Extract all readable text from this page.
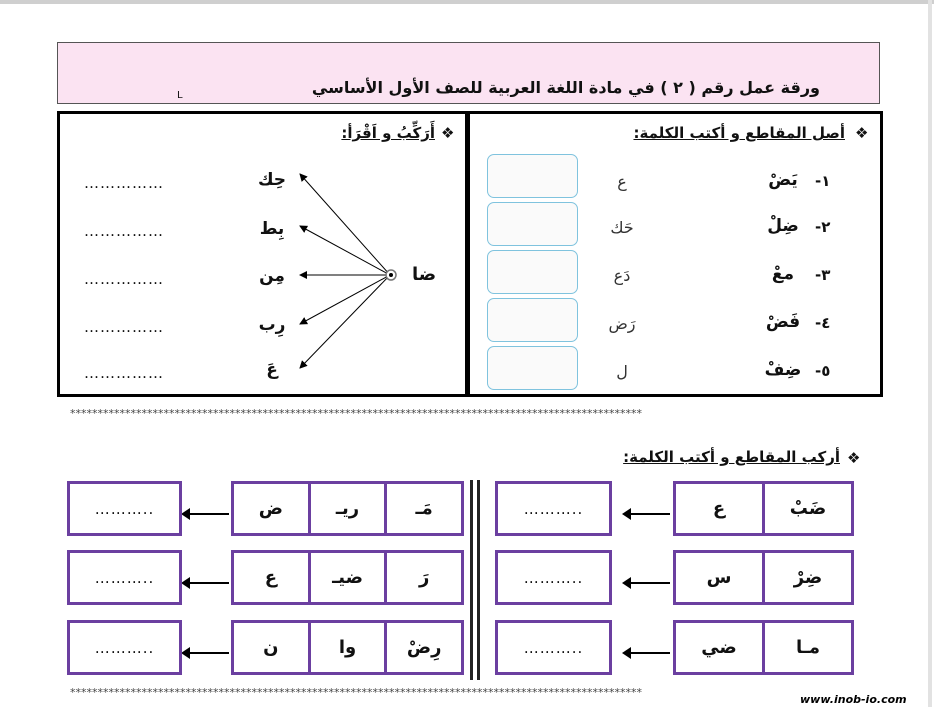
ورقة عمل رقم ( ٢ ) في مادة اللغة العربية للصف الأول الأساسي
L
❖
أصل المقاطع و أكتب الكلمة:
١-
يَضْ
ع
٢-
ضِلْ
حَك
٣-
معْ
دَع
٤-
فَضْ
رَض
٥-
ضِفْ
ل
❖
أَرَكِّبُ و اَقْرَأ:
ضا
حِك
بِط
مِن
رِب
عَ
……………
……………
……………
……………
……………
********************************************************************************************************
❖
أركب المقاطع و أكتب الكلمة:
ع	ضَبْ
………..
س	ضِرْ
………..
ضي	مـا
………..
ض	ريـ	مَـ
………..
ع	ضيـ	رَ
………..
ن	وا	رِضْ
………..
********************************************************************************************************
www.inob-io.com
